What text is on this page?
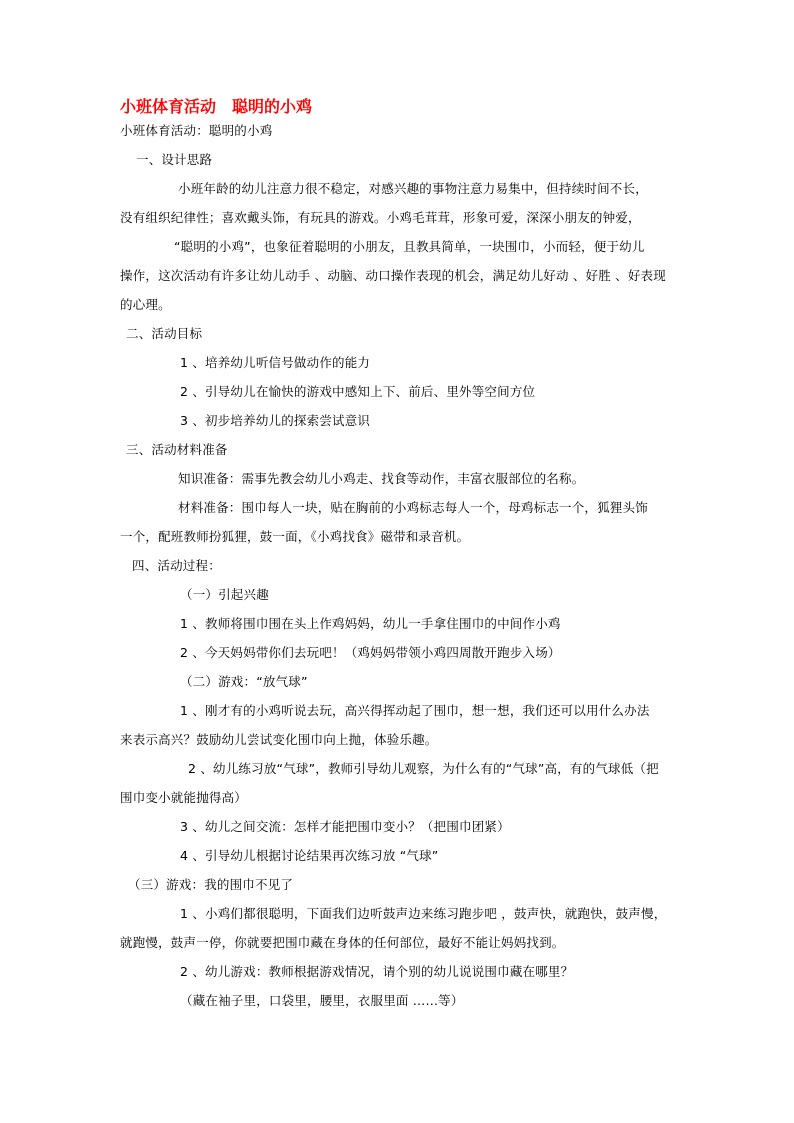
小班体育活动　聪明的小鸡
小班体育活动：聪明的小鸡
一、设计思路
小班年龄的幼儿注意力很不稳定，对感兴趣的事物注意力易集中，但持续时间不长，
没有组织纪律性；喜欢戴头饰，有玩具的游戏。小鸡毛茸茸，形象可爱，深深小朋友的钟爱，
“聪明的小鸡”，也象征着聪明的小朋友，且教具简单，一块围巾，小而轻，便于幼儿
操作，这次活动有许多让幼儿动手 、动脑、动口操作表现的机会，满足幼儿好动 、好胜 、好表现
的心理。
二、活动目标
1 、培养幼儿听信号做动作的能力
2 、引导幼儿在愉快的游戏中感知上下、前后、里外等空间方位
3 、初步培养幼儿的探索尝试意识
三、活动材料准备
知识准备：需事先教会幼儿小鸡走、找食等动作，丰富衣服部位的名称。
材料准备：围巾每人一块，贴在胸前的小鸡标志每人一个，母鸡标志一个，狐狸头饰
一个，配班教师扮狐狸，鼓一面，《小鸡找食》磁带和录音机。
四、活动过程：
（一）引起兴趣
1 、教师将围巾围在头上作鸡妈妈，幼儿一手拿住围巾的中间作小鸡
2 、今天妈妈带你们去玩吧！（鸡妈妈带领小鸡四周散开跑步入场）
（二）游戏：“放气球”
1 、刚才有的小鸡听说去玩，高兴得挥动起了围巾，想一想，我们还可以用什么办法
来表示高兴？鼓励幼儿尝试变化围巾向上抛，体验乐趣。
2 、幼儿练习放“气球”，教师引导幼儿观察，为什么有的“气球”高，有的气球低（把
围巾变小就能抛得高）
3 、幼儿之间交流：怎样才能把围巾变小？（把围巾团紧）
4 、引导幼儿根据讨论结果再次练习放 “气球”
（三）游戏：我的围巾不见了
1 、小鸡们都很聪明，下面我们边听鼓声边来练习跑步吧 ，鼓声快，就跑快，鼓声慢，
就跑慢，鼓声一停，你就要把围巾藏在身体的任何部位，最好不能让妈妈找到。
2 、幼儿游戏：教师根据游戏情况，请个别的幼儿说说围巾藏在哪里？
（藏在袖子里，口袋里，腰里，衣服里面 ……等）
